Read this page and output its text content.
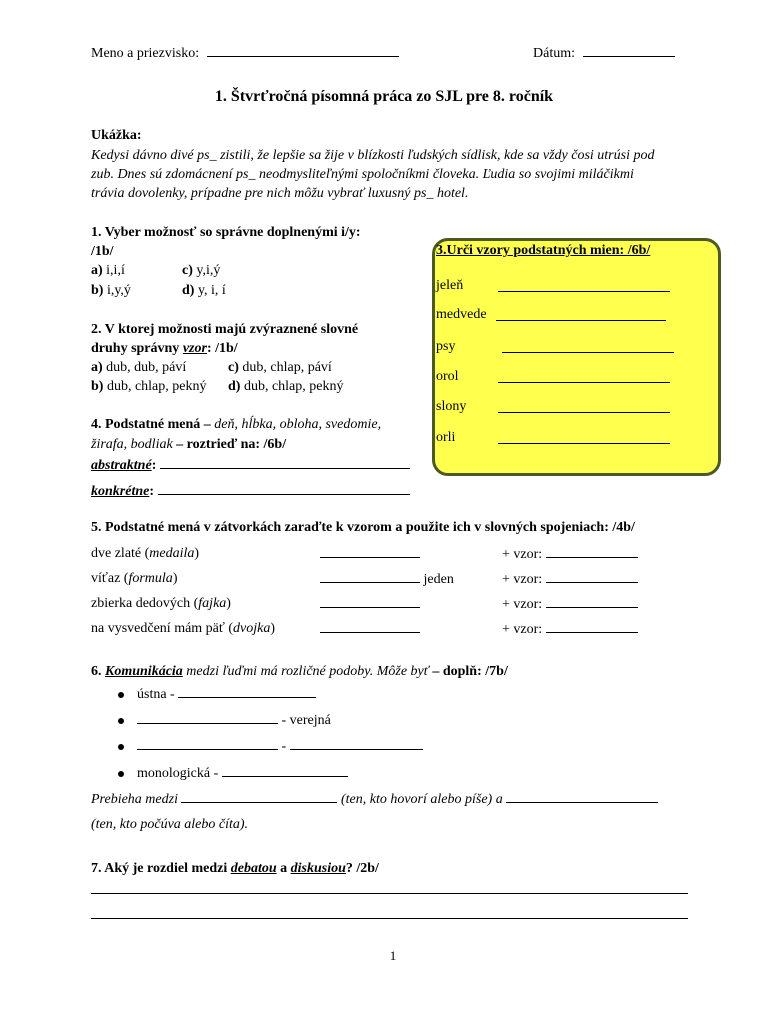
Meno a priezvisko:	Dátum:
1. Štvrťročná písomná práca zo SJL pre 8. ročník
Ukážka:
Kedysi dávno divé ps_ zistili, že lepšie sa žije v blízkosti ľudských sídlisk, kde sa vždy čosi utrúsi pod
zub. Dnes sú zdomácnení ps_ neodmysliteľnými spoločníkmi človeka. Ľudia so svojimi miláčikmi
trávia dovolenky, prípadne pre nich môžu vybrať luxusný ps_ hotel.
1. Vyber možnosť so správne doplnenými i/y:
/1b/
a) i,i,í	c) y,i,ý
b) i,y,ý	d) y, i, í
2. V ktorej možnosti majú zvýraznené slovné
druhy správny vzor: /1b/
a) dub, dub, páví	c) dub, chlap, páví
b) dub, chlap, pekný d) dub, chlap, pekný
4. Podstatné mená – deň, hĺbka, obloha, svedomie,
žirafa, bodliak – roztrieď na: /6b/
abstraktné:
konkrétne:
3.Urči vzory podstatných mien: /6b/
jeleň
medvede
psy
orol
slony
orli
5. Podstatné mená v zátvorkách zaraďte k vzorom a použite ich v slovných spojeniach: /4b/
dve zlaté (medaila)	+ vzor:
víťaz (formula)	jeden	+ vzor:
zbierka dedových (fajka)	+ vzor:
na vysvedčení mám päť (dvojka)	+ vzor:
6. Komunikácia medzi ľuďmi má rozličné podoby. Môže byť – doplň: /7b/
ústna -
- verejná
-
monologická -
Prebieha medzi	(ten, kto hovorí alebo píše) a
(ten, kto počúva alebo číta).
7. Aký je rozdiel medzi debatou a diskusiou? /2b/
1
